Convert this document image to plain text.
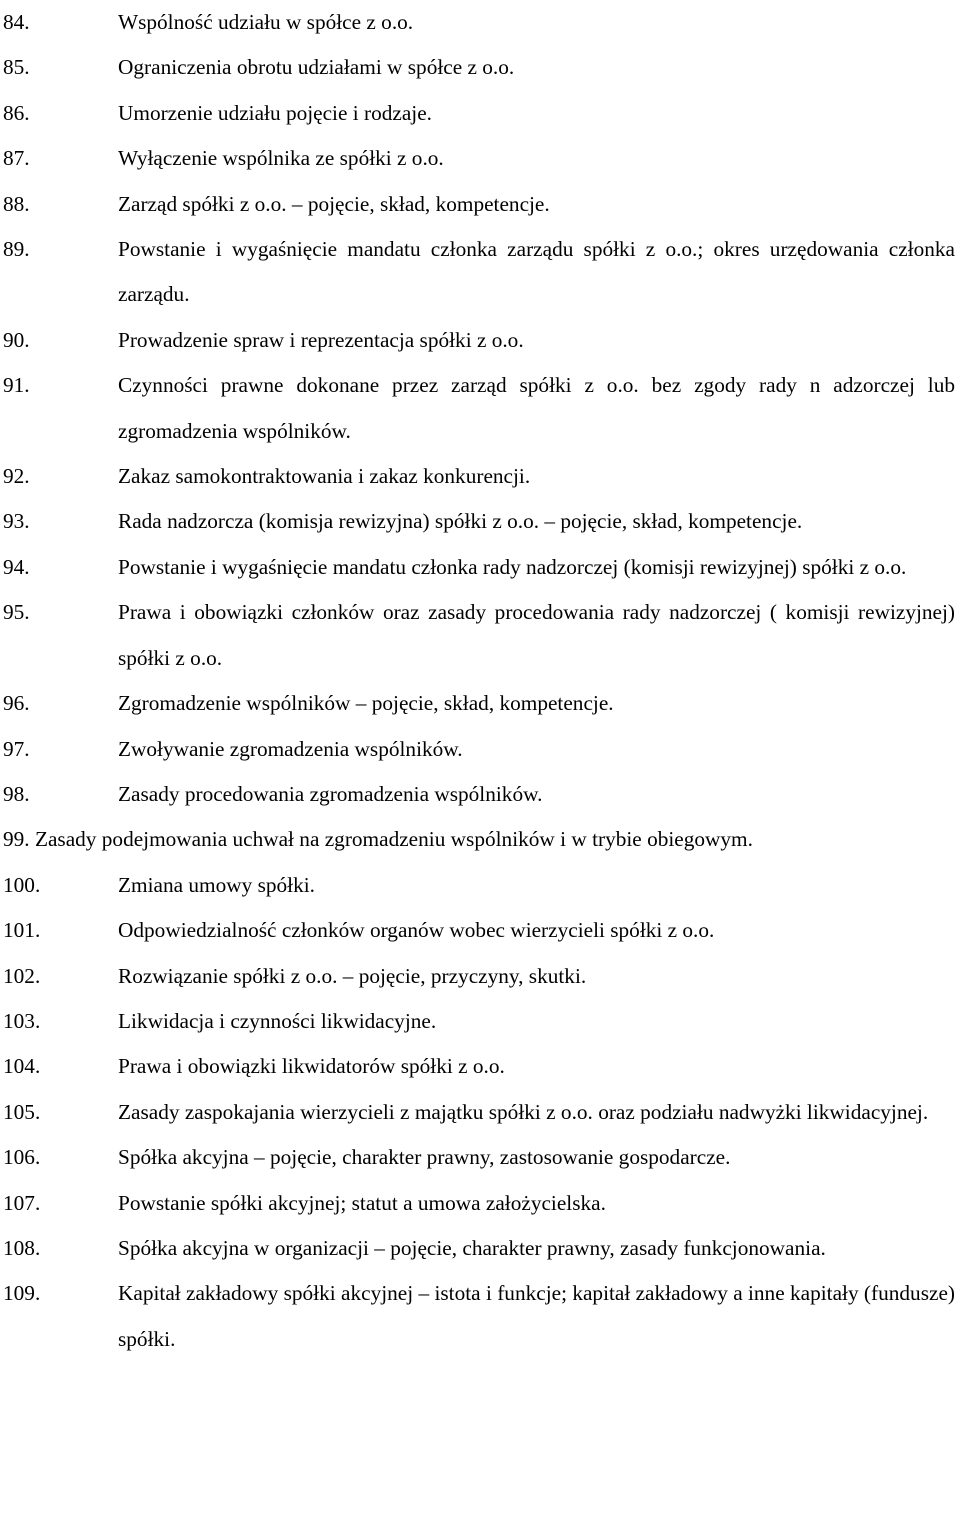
84.	Wspólność udziału w spółce z o.o.
85.	Ograniczenia obrotu udziałami w spółce z o.o.
86.	Umorzenie udziału pojęcie i rodzaje.
87.	Wyłączenie wspólnika ze spółki z o.o.
88.	Zarząd spółki z o.o. – pojęcie, skład, kompetencje.
89.	Powstanie i wygaśnięcie mandatu członka zarządu spółki z o.o.; okres urzędowania członka zarządu.
90.	Prowadzenie spraw i reprezentacja spółki z o.o.
91.	Czynności prawne dokonane przez zarząd spółki z o.o. bez zgody rady n adzorczej lub zgromadzenia wspólników.
92.	Zakaz samokontraktowania i zakaz konkurencji.
93.	Rada nadzorcza (komisja rewizyjna) spółki z o.o. – pojęcie, skład, kompetencje.
94.	Powstanie i wygaśnięcie mandatu członka rady nadzorczej (komisji rewizyjnej) spółki z o.o.
95.	Prawa i obowiązki członków oraz zasady procedowania rady nadzorczej ( komisji rewizyjnej) spółki z o.o.
96.	Zgromadzenie wspólników – pojęcie, skład, kompetencje.
97.	Zwoływanie zgromadzenia wspólników.
98.	Zasady procedowania zgromadzenia wspólników.
99. Zasady podejmowania uchwał na zgromadzeniu wspólników i w trybie obiegowym.
100.	Zmiana umowy spółki.
101.	Odpowiedzialność członków organów wobec wierzycieli spółki z o.o.
102.	Rozwiązanie spółki z o.o. – pojęcie, przyczyny, skutki.
103.	Likwidacja i czynności likwidacyjne.
104.	Prawa i obowiązki likwidatorów spółki z o.o.
105.	Zasady zaspokajania wierzycieli z majątku spółki z o.o. oraz podziału nadwyżki likwidacyjnej.
106.	Spółka akcyjna – pojęcie, charakter prawny, zastosowanie gospodarcze.
107.	Powstanie spółki akcyjnej; statut a umowa założycielska.
108.	Spółka akcyjna w organizacji – pojęcie, charakter prawny, zasady funkcjonowania.
109.	Kapitał zakładowy spółki akcyjnej – istota i funkcje; kapitał zakładowy a inne kapitały (fundusze) spółki.
